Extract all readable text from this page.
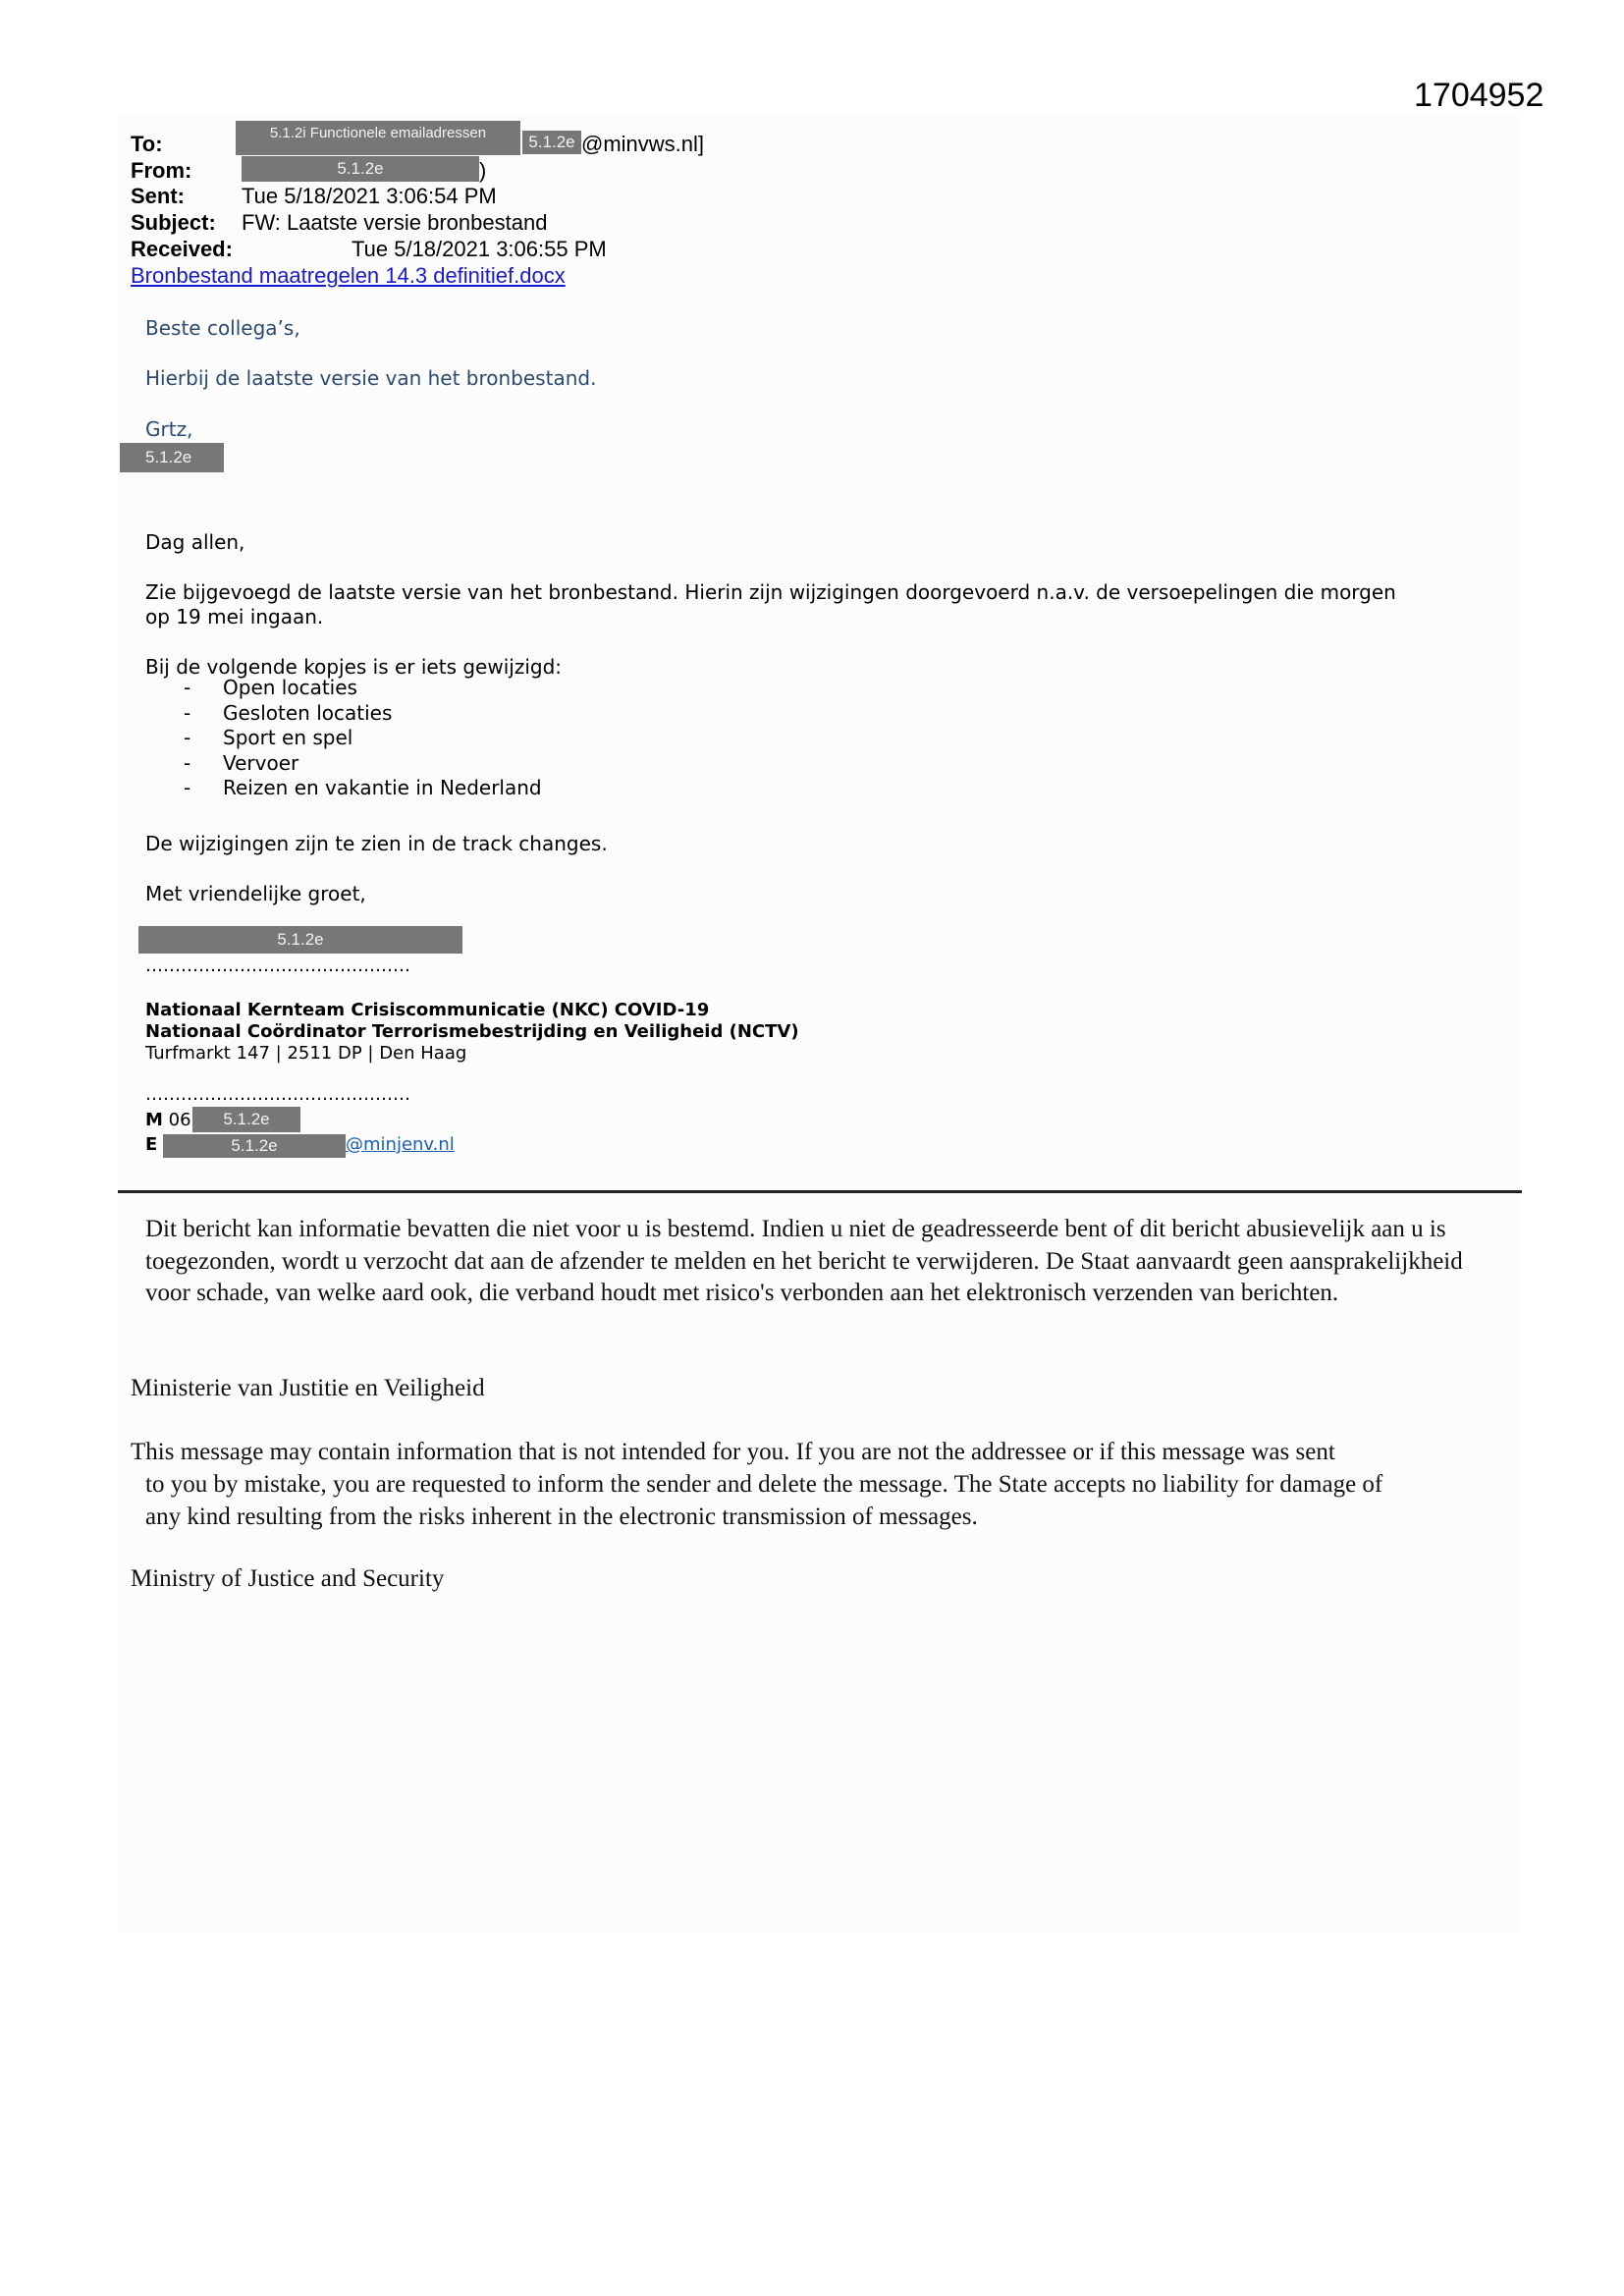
1704952
To:	5.1.2i Functionele emailadressen	5.1.2e @minvws.nl]
From:	5.1.2e	)
Sent:	Tue 5/18/2021 3:06:54 PM
Subject: FW: Laatste versie bronbestand
Received:	Tue 5/18/2021 3:06:55 PM
Bronbestand maatregelen 14.3 definitief.docx
Beste collega’s,
Hierbij de laatste versie van het bronbestand.
Grtz,
5.1.2e
Dag allen,
Zie bijgevoegd de laatste versie van het bronbestand. Hierin zijn wijzigingen doorgevoerd n.a.v. de versoepelingen die morgen
op 19 mei ingaan.
Bij de volgende kopjes is er iets gewijzigd:
- Open locaties
- Gesloten locaties
- Sport en spel
- Vervoer
- Reizen en vakantie in Nederland
De wijzigingen zijn te zien in de track changes.
Met vriendelijke groet,
5.1.2e
………………………………………
Nationaal Kernteam Crisiscommunicatie (NKC) COVID-19
Nationaal Coördinator Terrorismebestrijding en Veiligheid (NCTV)
Turfmarkt 147 | 2511 DP | Den Haag
………………………………………
M 06	5.1.2e
E	5.1.2e	@minjenv.nl
Dit bericht kan informatie bevatten die niet voor u is bestemd. Indien u niet de geadresseerde bent of dit bericht abusievelijk aan u is toegezonden, wordt u verzocht dat aan de afzender te melden en het bericht te verwijderen. De Staat aanvaardt geen aansprakelijkheid voor schade, van welke aard ook, die verband houdt met risico's verbonden aan het elektronisch verzenden van berichten.
Ministerie van Justitie en Veiligheid
This message may contain information that is not intended for you. If you are not the addressee or if this message was sent
to you by mistake, you are requested to inform the sender and delete the message. The State accepts no liability for damage of any kind resulting from the risks inherent in the electronic transmission of messages.
Ministry of Justice and Security
